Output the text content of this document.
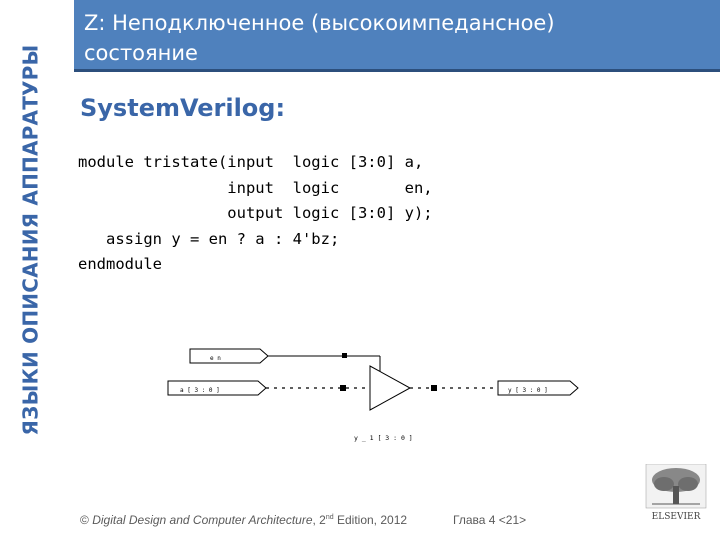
ЯЗЫКИ ОПИСАНИЯ АППАРАТУРЫ
Z: Неподключенное (высокоимпеданcное)
состояние
SystemVerilog:
module tristate(input  logic [3:0] a,
input  logic       en,
output logic [3:0] y);
assign y = en ? a : 4'bz;
endmodule
e n
a [ 3 : 0 ]	y [ 3 : 0 ]
y _ 1 [ 3 : 0 ]
© Digital Design and Computer Architecture, 2nd Edition, 2012	Глава 4 <21>	ELSEVIER
